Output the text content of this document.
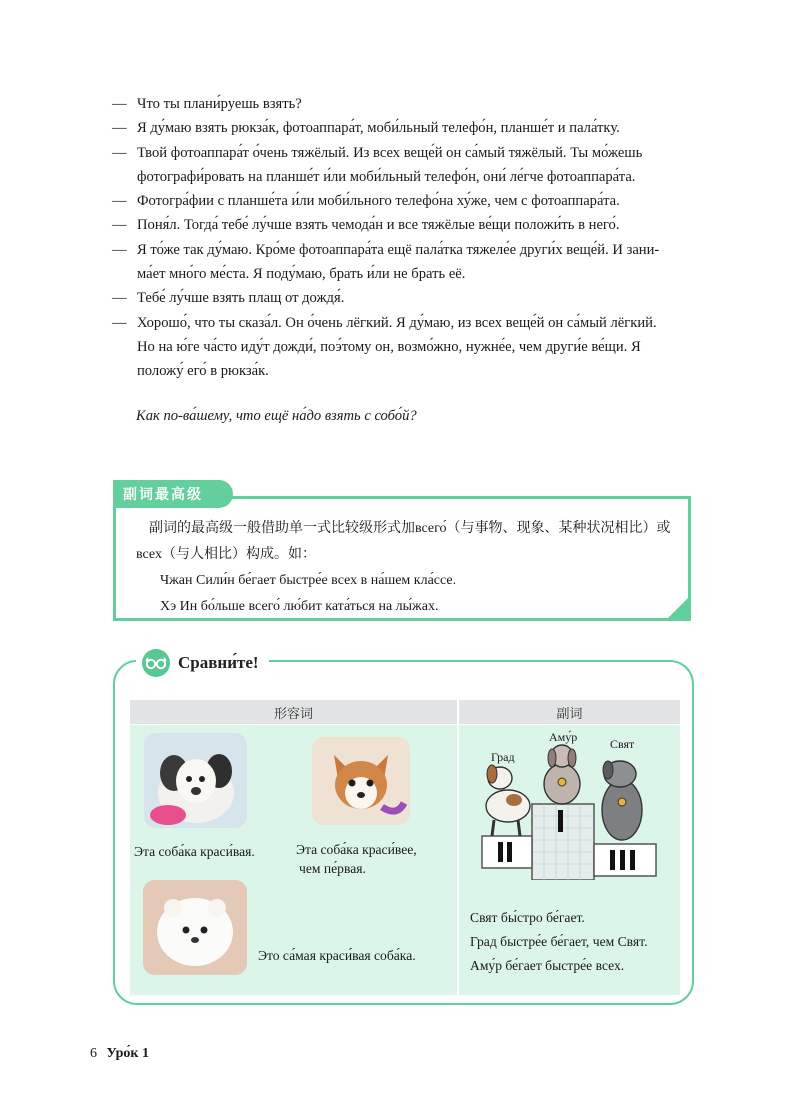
— Что ты плани́руешь взять?
— Я ду́маю взять рюкза́к, фотоаппара́т, моби́льный телефо́н, планше́т и пала́тку.
— Твой фотоаппара́т о́чень тяжёлый. Из всех веще́й он са́мый тяжёлый. Ты мо́жешь
фотографи́ровать на планше́т и́ли моби́льный телефо́н, они́ ле́гче фотоаппара́та.
— Фотогра́фии с планше́та и́ли моби́льного телефо́на ху́же, чем с фотоаппара́та.
— Поня́л. Тогда́ тебе́ лу́чше взять чемода́н и все тяжёлые ве́щи положи́ть в него́.
— Я то́же так ду́маю. Кро́ме фотоаппара́та ещё пала́тка тяжеле́е други́х веще́й. И зани-
ма́ет мно́го ме́ста. Я поду́маю, брать и́ли не брать её.
— Тебе́ лу́чше взять плащ от дождя́.
— Хорошо́, что ты сказа́л. Он о́чень лёгкий. Я ду́маю, из всех веще́й он са́мый лёгкий.
Но на ю́ге ча́сто иду́т дожди́, поэ́тому он, возмо́жно, нужне́е, чем други́е ве́щи. Я
положу́ его́ в рюкза́к.
Как по-ва́шему, что ещё на́до взять с собо́й?
副词最高级
副词的最高级一般借助单一式比较级形式加всего́（与事物、现象、某种状况相比）或
всех（与人相比）构成。如：
Чжан Сили́н бе́гает быстре́е всех в на́шем кла́ссе.
Хэ Ин бо́льше всего́ лю́бит ката́ться на лы́жах.
Сравни́те!
形容词	副词
Эта соба́ка краси́вая.	Эта соба́ка краси́вее,
чем пе́рвая.
Это са́мая краси́вая соба́ка.
Град
Аму́р	Свят
Свят бы́стро бе́гает.
Град быстре́е бе́гает, чем Свят.
Аму́р бе́гает быстре́е всех.
6 Уро́к 1
